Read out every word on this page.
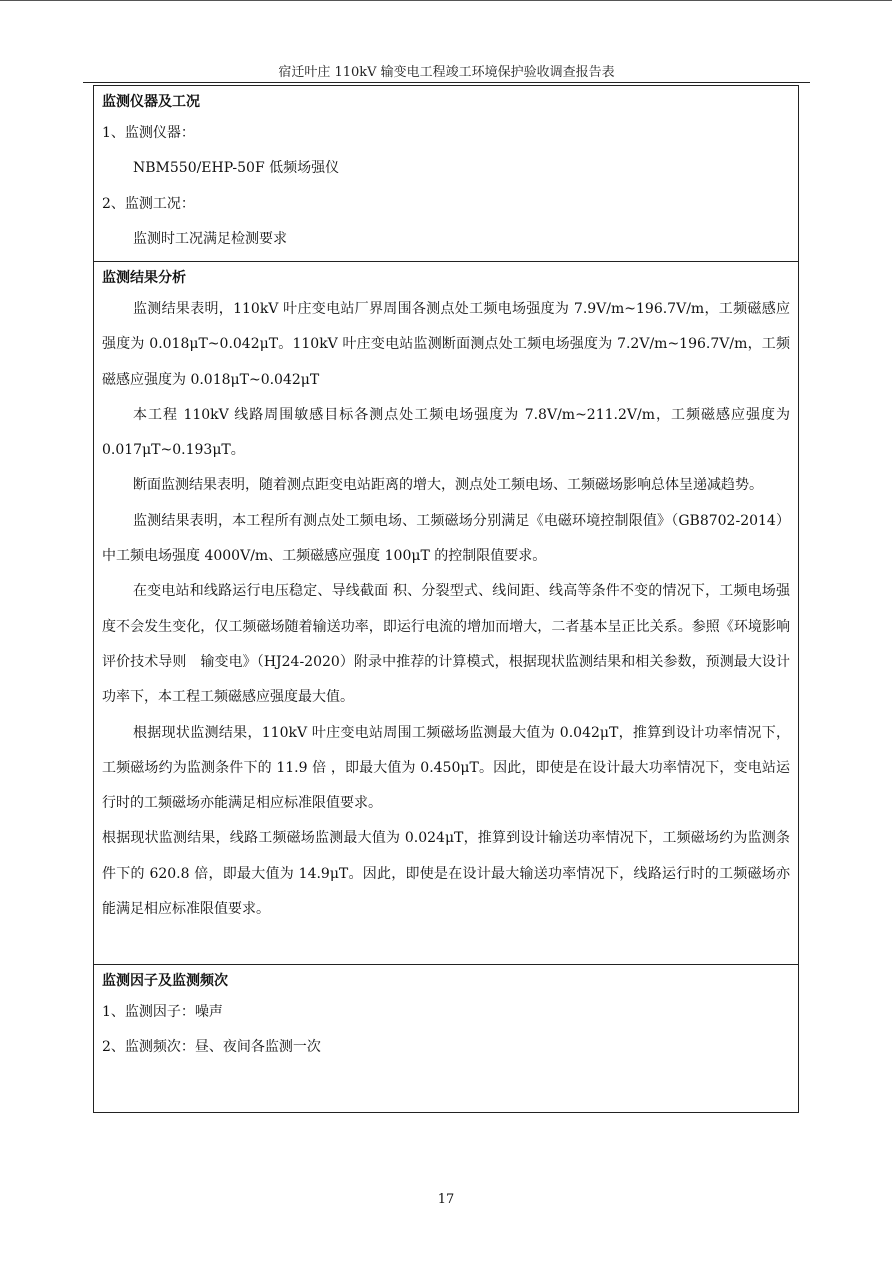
宿迁叶庄 110kV 输变电工程竣工环境保护验收调查报告表
监测仪器及工况

1、监测仪器：

NBM550/EHP-50F 低频场强仪

2、监测工况：

监测时工况满足检测要求

监测结果分析

监测结果表明，110kV 叶庄变电站厂界周围各测点处工频电场强度为 7.9V/m~196.7V/m，工频磁感应强度为 0.018μT~0.042μT。110kV 叶庄变电站监测断面测点处工频电场强度为 7.2V/m~196.7V/m，工频磁感应强度为 0.018μT~0.042μT

本工程 110kV 线路周围敏感目标各测点处工频电场强度为 7.8V/m~211.2V/m，工频磁感应强度为 0.017μT~0.193μT。

断面监测结果表明，随着测点距变电站距离的增大，测点处工频电场、工频磁场影响总体呈递减趋势。

监测结果表明，本工程所有测点处工频电场、工频磁场分别满足《电磁环境控制限值》（GB8702-2014）中工频电场强度 4000V/m、工频磁感应强度 100μT 的控制限值要求。

在变电站和线路运行电压稳定、导线截面 积、分裂型式、线间距、线高等条件不变的情况下，工频电场强度不会发生变化，仅工频磁场随着输送功率，即运行电流的增加而增大，二者基本呈正比关系。参照《环境影响评价技术导则　输变电》（HJ24-2020）附录中推荐的计算模式，根据现状监测结果和相关参数，预测最大设计功率下，本工程工频磁感应强度最大值。

根据现状监测结果，110kV 叶庄变电站周围工频磁场监测最大值为 0.042μT，推算到设计功率情况下，工频磁场约为监测条件下的 11.9 倍 ，即最大值为 0.450μT。因此，即使是在设计最大功率情况下，变电站运行时的工频磁场亦能满足相应标准限值要求。

根据现状监测结果，线路工频磁场监测最大值为 0.024μT，推算到设计输送功率情况下，工频磁场约为监测条件下的 620.8 倍，即最大值为 14.9μT。因此，即使是在设计最大输送功率情况下，线路运行时的工频磁场亦能满足相应标准限值要求。

监测因子及监测频次

1、监测因子：噪声

2、监测频次：昼、夜间各监测一次

17
